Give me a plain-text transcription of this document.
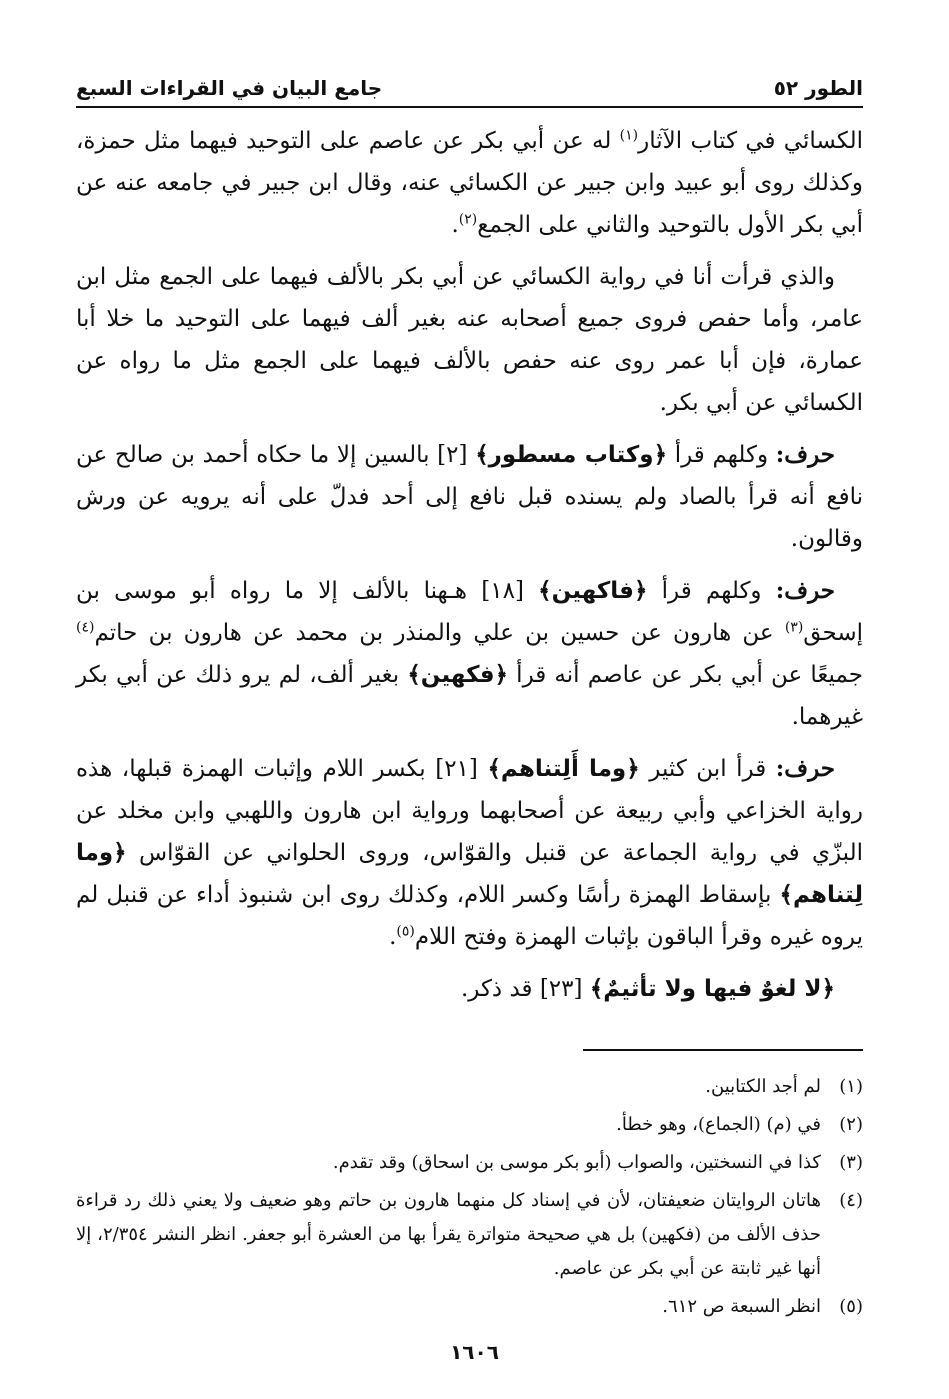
الطور ٥٢
جامع البيان في القراءات السبع

الكسائي في كتاب الآثار$^{(١)}$ له عن أبي بكر عن عاصم على التوحيد فيهما مثل حمزة، وكذلك روى أبو عبيد وابن جبير عن الكسائي عنه، وقال ابن جبير في جامعه عنه عن أبي بكر الأول بالتوحيد والثاني على الجمع$^{(٢)}$.

والذي قرأت أنا في رواية الكسائي عن أبي بكر بالألف فيهما على الجمع مثل ابن عامر، وأما حفص فروى جميع أصحابه عنه بغير ألف فيهما على التوحيد ما خلا أبا عمارة، فإن أبا عمر روى عنه حفص بالألف فيهما على الجمع مثل ما رواه عن الكسائي عن أبي بكر.

حرف: وكلهم قرأ ﴿وكتاب مسطور﴾ [٢] بالسين إلا ما حكاه أحمد بن صالح عن نافع أنه قرأ بالصاد ولم يسنده قبل نافع إلى أحد فدلّ على أنه يرويه عن ورش وقالون.

حرف: وكلهم قرأ ﴿فاكهين﴾ [١٨] هـهنا بالألف إلا ما رواه أبو موسى بن إسحق$^{(٣)}$ عن هارون عن حسين بن علي والمنذر بن محمد عن هارون بن حاتم$^{(٤)}$ جميعًا عن أبي بكر عن عاصم أنه قرأ ﴿فكهين﴾ بغير ألف، لم يرو ذلك عن أبي بكر غيرهما.

حرف: قرأ ابن كثير ﴿وما أَلِتناهم﴾ [٢١] بكسر اللام وإثبات الهمزة قبلها، هذه رواية الخزاعي وأبي ربيعة عن أصحابهما ورواية ابن هارون واللهبي وابن مخلد عن البزّي في رواية الجماعة عن قنبل والقوّاس، وروى الحلواني عن القوّاس ﴿وما لِتناهم﴾ بإسقاط الهمزة رأسًا وكسر اللام، وكذلك روى ابن شنبوذ أداء عن قنبل لم يروه غيره وقرأ الباقون بإثبات الهمزة وفتح اللام$^{(٥)}$.

﴿لا لغوٌ فيها ولا تأثيمٌ﴾ [٢٣] قد ذكر.

(١)
لم أجد الكتابين.
(٢)
في (م) (الجماع)، وهو خطأ.
(٣)
كذا في النسختين، والصواب (أبو بكر موسى بن اسحاق) وقد تقدم.
(٤)
هاتان الروايتان ضعيفتان، لأن في إسناد كل منهما هارون بن حاتم وهو ضعيف ولا يعني ذلك رد قراءة حذف الألف من (فكهين) بل هي صحيحة متواترة يقرأ بها من العشرة أبو جعفر. انظر النشر ٢/٣٥٤، إلا أنها غير ثابتة عن أبي بكر عن عاصم.
(٥)
انظر السبعة ص ٦١٢.
١٦٠٦
